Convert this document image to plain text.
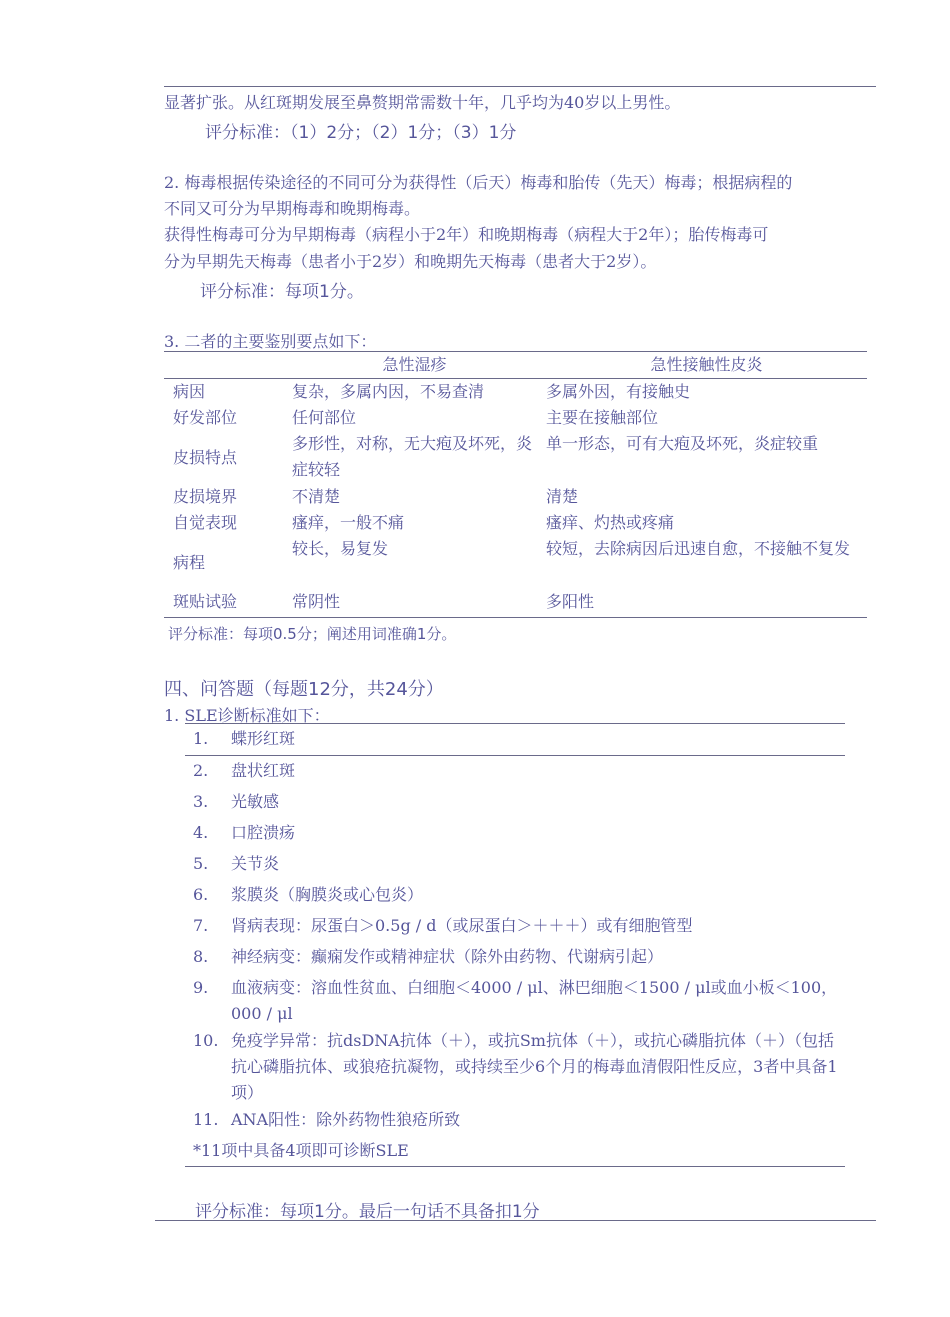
显著扩张。从红斑期发展至鼻赘期常需数十年，几乎均为40岁以上男性。
评分标准：（1）2分；（2）1分；（3）1分
2. 梅毒根据传染途径的不同可分为获得性（后天）梅毒和胎传（先天）梅毒；根据病程的
不同又可分为早期梅毒和晚期梅毒。
获得性梅毒可分为早期梅毒（病程小于2年）和晚期梅毒（病程大于2年）；胎传梅毒可
分为早期先天梅毒（患者小于2岁）和晚期先天梅毒（患者大于2岁）。
评分标准：每项1分。
3. 二者的主要鉴别要点如下：
	急性湿疹	急性接触性皮炎
病因	复杂，多属内因，不易查清	多属外因，有接触史
好发部位	任何部位	主要在接触部位
皮损特点	多形性，对称，无大疱及坏死，炎症较轻	单一形态，可有大疱及坏死，炎症较重
皮损境界	不清楚	清楚
自觉表现	瘙痒，一般不痛	瘙痒、灼热或疼痛
病程	较长，易复发	较短，去除病因后迅速自愈，不接触不复发
斑贴试验	常阴性	多阳性
评分标准：每项0.5分；阐述用词准确1分。
四、问答题（每题12分，共24分）
1. SLE诊断标准如下：
1. 蝶形红斑
2. 盘状红斑
3. 光敏感
4. 口腔溃疡
5. 关节炎
6. 浆膜炎（胸膜炎或心包炎）
7. 肾病表现：尿蛋白＞0.5g / d（或尿蛋白＞＋＋＋）或有细胞管型
8. 神经病变：癫痫发作或精神症状（除外由药物、代谢病引起）
9. 血液病变：溶血性贫血、白细胞＜4000 / μl、淋巴细胞＜1500 / μl或血小板＜100，000 / μl
10. 免疫学异常：抗dsDNA抗体（＋），或抗Sm抗体（＋），或抗心磷脂抗体（＋）（包括抗心磷脂抗体、或狼疮抗凝物，或持续至少6个月的梅毒血清假阳性反应，3者中具备1项）
11. ANA阳性：除外药物性狼疮所致
*11项中具备4项即可诊断SLE
评分标准：每项1分。最后一句话不具备扣1分
